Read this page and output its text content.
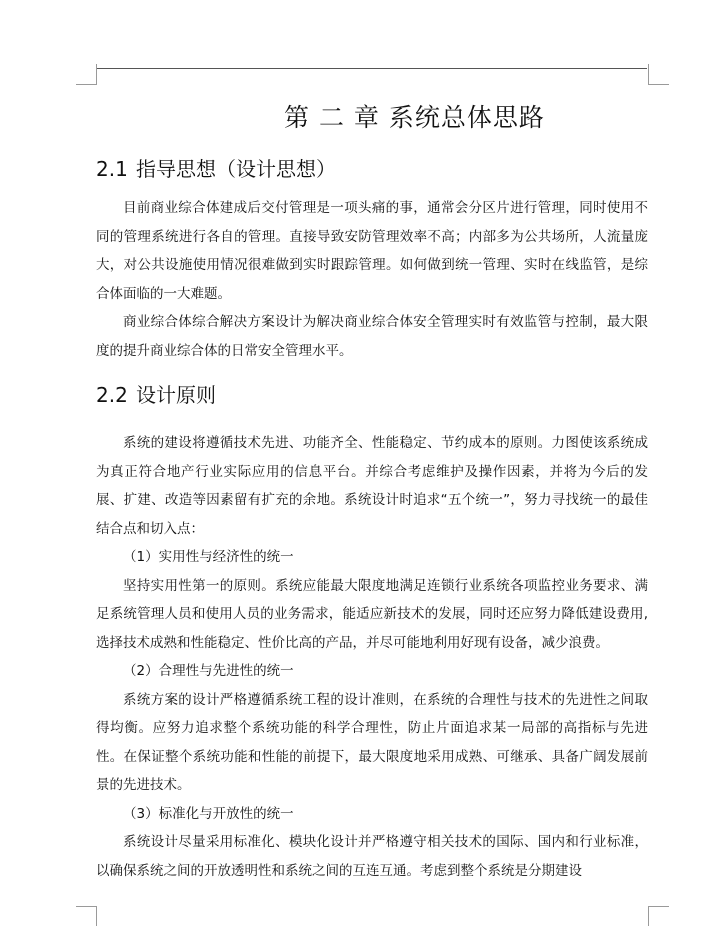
第 二 章 系统总体思路
2.1 指导思想（设计思想）

目前商业综合体建成后交付管理是一项头痛的事，通常会分区片进行管理，同时使用不同的管理系统进行各自的管理。直接导致安防管理效率不高；内部多为公共场所，人流量庞大，对公共设施使用情况很难做到实时跟踪管理。如何做到统一管理、实时在线监管，是综合体面临的一大难题。

商业综合体综合解决方案设计为解决商业综合体安全管理实时有效监管与控制，最大限度的提升商业综合体的日常安全管理水平。

2.2 设计原则

系统的建设将遵循技术先进、功能齐全、性能稳定、节约成本的原则。力图使该系统成为真正符合地产行业实际应用的信息平台。并综合考虑维护及操作因素，并将为今后的发展、扩建、改造等因素留有扩充的余地。系统设计时追求“五个统一”，努力寻找统一的最佳结合点和切入点：

（1）实用性与经济性的统一

坚持实用性第一的原则。系统应能最大限度地满足连锁行业系统各项监控业务要求、满足系统管理人员和使用人员的业务需求，能适应新技术的发展，同时还应努力降低建设费用,选择技术成熟和性能稳定、性价比高的产品，并尽可能地利用好现有设备，减少浪费。

（2）合理性与先进性的统一

系统方案的设计严格遵循系统工程的设计准则，在系统的合理性与技术的先进性之间取得均衡。应努力追求整个系统功能的科学合理性，防止片面追求某一局部的高指标与先进性。在保证整个系统功能和性能的前提下，最大限度地采用成熟、可继承、具备广阔发展前景的先进技术。

（3）标准化与开放性的统一

系统设计尽量采用标准化、模块化设计并严格遵守相关技术的国际、国内和行业标准，以确保系统之间的开放透明性和系统之间的互连互通。考虑到整个系统是分期建设
